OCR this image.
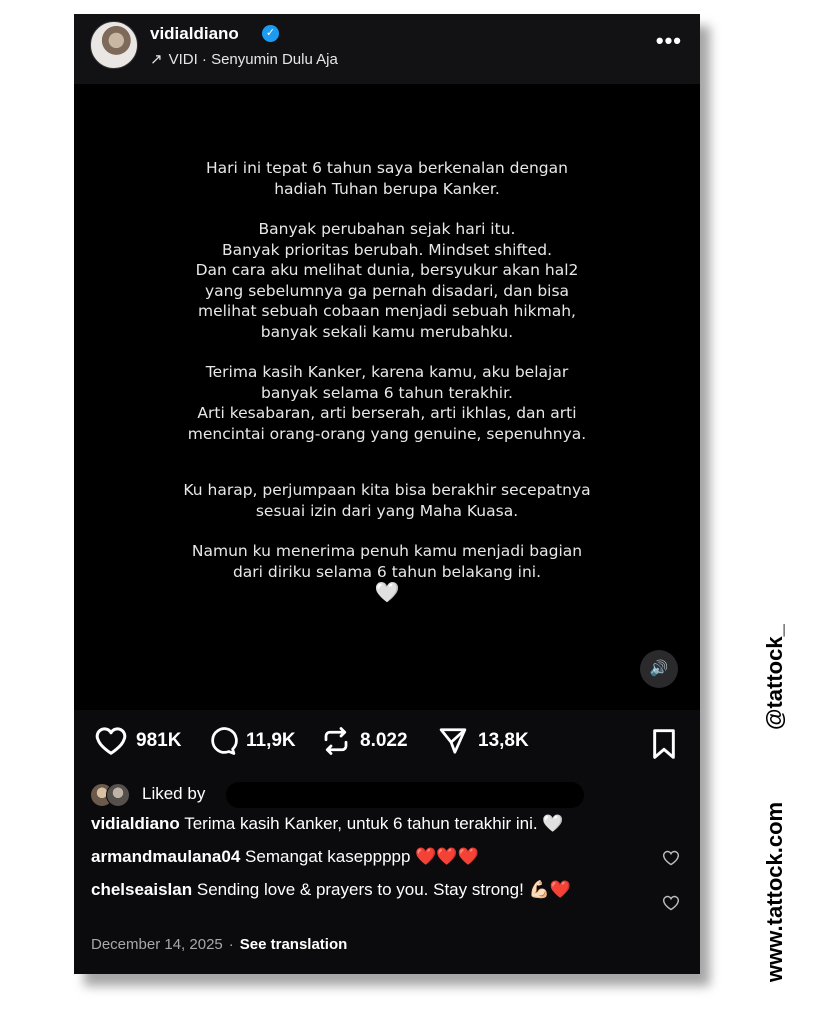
vidialdiano	✓
↗ VIDI · Senyumin Dulu Aja
•••

Hari ini tepat 6 tahun saya berkenalan dengan
hadiah Tuhan berupa Kanker.

Banyak perubahan sejak hari itu.
Banyak prioritas berubah. Mindset shifted.
Dan cara aku melihat dunia, bersyukur akan hal2
yang sebelumnya ga pernah disadari, dan bisa
melihat sebuah cobaan menjadi sebuah hikmah,
banyak sekali kamu merubahku.

Terima kasih Kanker, karena kamu, aku belajar
banyak selama 6 tahun terakhir.
Arti kesabaran, arti berserah, arti ikhlas, dan arti
mencintai orang-orang yang genuine, sepenuhnya.

Ku harap, perjumpaan kita bisa berakhir secepatnya
sesuai izin dari yang Maha Kuasa.

Namun ku menerima penuh kamu menjadi bagian
dari diriku selama 6 tahun belakang ini.

🤍
🔊
981K	11,9K	8.022	13,8K
Liked by
vidialdiano Terima kasih Kanker, untuk 6 tahun terakhir ini. 🤍
armandmaulana04 Semangat kaseppppp ❤️❤️❤️
chelseaislan Sending love & prayers to you. Stay strong! 💪🏻❤️
December 14, 2025 · See translation
@tattock_
www.tattock.com
